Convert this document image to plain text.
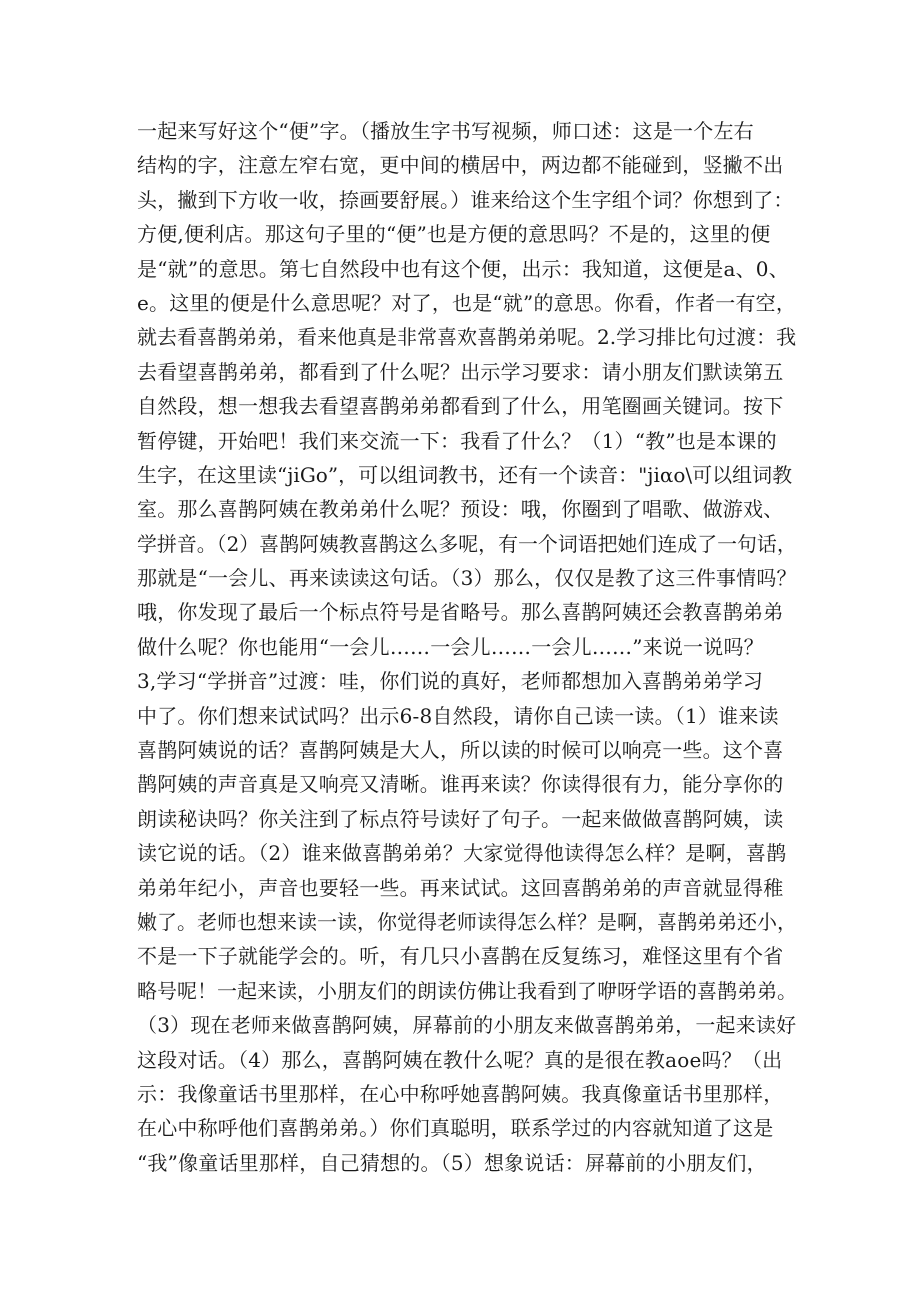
一起来写好这个“便”字。（播放生字书写视频，师口述：这是一个左右
结构的字，注意左窄右宽，更中间的横居中，两边都不能碰到，竖撇不出
头，撇到下方收一收，捺画要舒展。）谁来给这个生字组个词？你想到了：
方便,便利店。那这句子里的“便”也是方便的意思吗？不是的，这里的便
是“就”的意思。第七自然段中也有这个便，出示：我知道，这便是a、0、
e。这里的便是什么意思呢？对了，也是“就”的意思。你看，作者一有空，
就去看喜鹊弟弟，看来他真是非常喜欢喜鹊弟弟呢。2.学习排比句过渡：我
去看望喜鹊弟弟，都看到了什么呢？出示学习要求：请小朋友们默读第五
自然段，想一想我去看望喜鹊弟弟都看到了什么，用笔圈画关键词。按下
暂停键，开始吧！我们来交流一下：我看了什么？（1）“教”也是本课的
生字，在这里读“jiGo”，可以组词教书，还有一个读音："jiαo\可以组词教
室。那么喜鹊阿姨在教弟弟什么呢？预设：哦，你圈到了唱歌、做游戏、
学拼音。（2）喜鹊阿姨教喜鹊这么多呢，有一个词语把她们连成了一句话，
那就是“一会儿、再来读读这句话。（3）那么，仅仅是教了这三件事情吗？
哦，你发现了最后一个标点符号是省略号。那么喜鹊阿姨还会教喜鹊弟弟
做什么呢？你也能用“一会儿……一会儿……一会儿……”来说一说吗？
3,学习“学拼音”过渡：哇，你们说的真好，老师都想加入喜鹊弟弟学习
中了。你们想来试试吗？出示6-8自然段，请你自己读一读。（1）谁来读
喜鹊阿姨说的话？喜鹊阿姨是大人，所以读的时候可以响亮一些。这个喜
鹊阿姨的声音真是又响亮又清晰。谁再来读？你读得很有力，能分享你的
朗读秘诀吗？你关注到了标点符号读好了句子。一起来做做喜鹊阿姨，读
读它说的话。（2）谁来做喜鹊弟弟？大家觉得他读得怎么样？是啊，喜鹊
弟弟年纪小，声音也要轻一些。再来试试。这回喜鹊弟弟的声音就显得稚
嫩了。老师也想来读一读，你觉得老师读得怎么样？是啊，喜鹊弟弟还小，
不是一下子就能学会的。听，有几只小喜鹊在反复练习，难怪这里有个省
略号呢！一起来读，小朋友们的朗读仿佛让我看到了咿呀学语的喜鹊弟弟。
（3）现在老师来做喜鹊阿姨，屏幕前的小朋友来做喜鹊弟弟，一起来读好
这段对话。（4）那么，喜鹊阿姨在教什么呢？真的是很在教aoe吗？（出
示：我像童话书里那样，在心中称呼她喜鹊阿姨。我真像童话书里那样，
在心中称呼他们喜鹊弟弟。）你们真聪明，联系学过的内容就知道了这是
“我”像童话里那样，自己猜想的。（5）想象说话：屏幕前的小朋友们，
